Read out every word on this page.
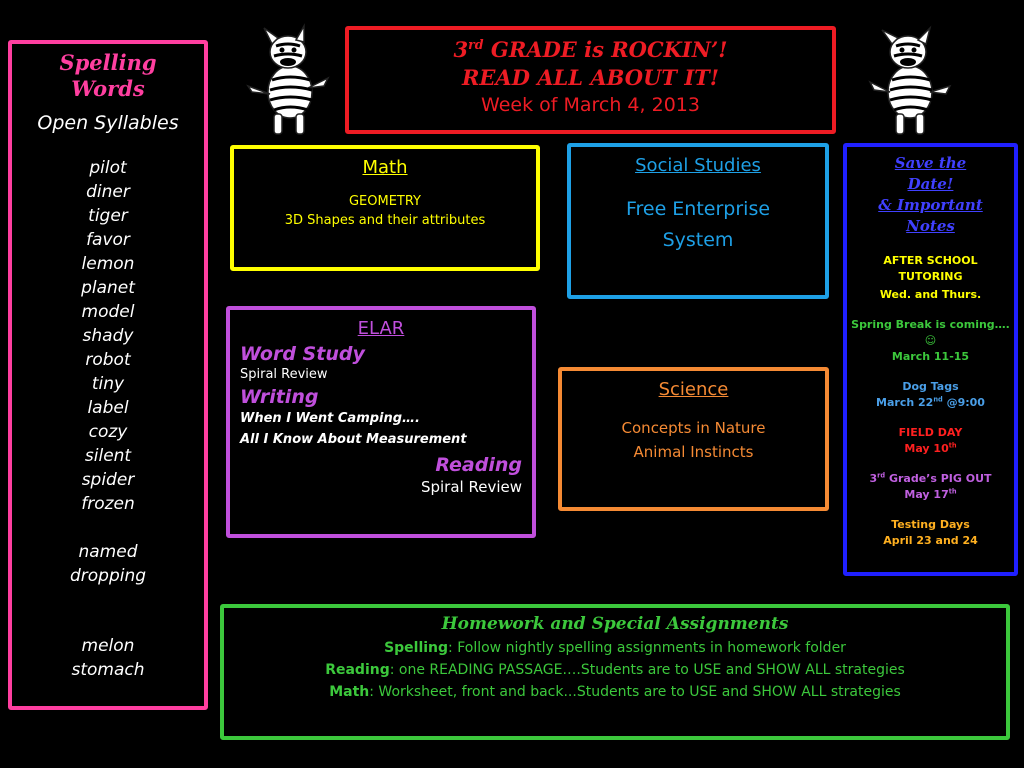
Spelling
Words
Open Syllables
pilot
diner
tiger
favor
lemon
planet
model
shady
robot
tiny
label
cozy
silent
spider
frozen
named
dropping
melon
stomach
3rd GRADE is ROCKIN’!
READ ALL ABOUT IT!
Week of March 4, 2013
Math
GEOMETRY
3D Shapes and their attributes
Social Studies
Free Enterprise
System
ELAR
Word Study
Spiral Review
Writing
When I Went Camping….
All I Know About Measurement
Reading
Spiral Review
Science
Concepts in Nature
Animal Instincts
Save the
Date!
& Important
Notes
AFTER SCHOOL
TUTORING
Wed. and Thurs.
Spring Break is coming….
☺
March 11-15
Dog Tags
March 22nd @9:00
FIELD DAY
May 10th
3rd Grade’s PIG OUT
May 17th
Testing Days
April 23 and 24
Homework and Special Assignments
Spelling: Follow nightly spelling assignments in homework folder
Reading: one READING PASSAGE….Students are to USE and SHOW ALL strategies
Math: Worksheet, front and back...Students are to USE and SHOW ALL strategies
